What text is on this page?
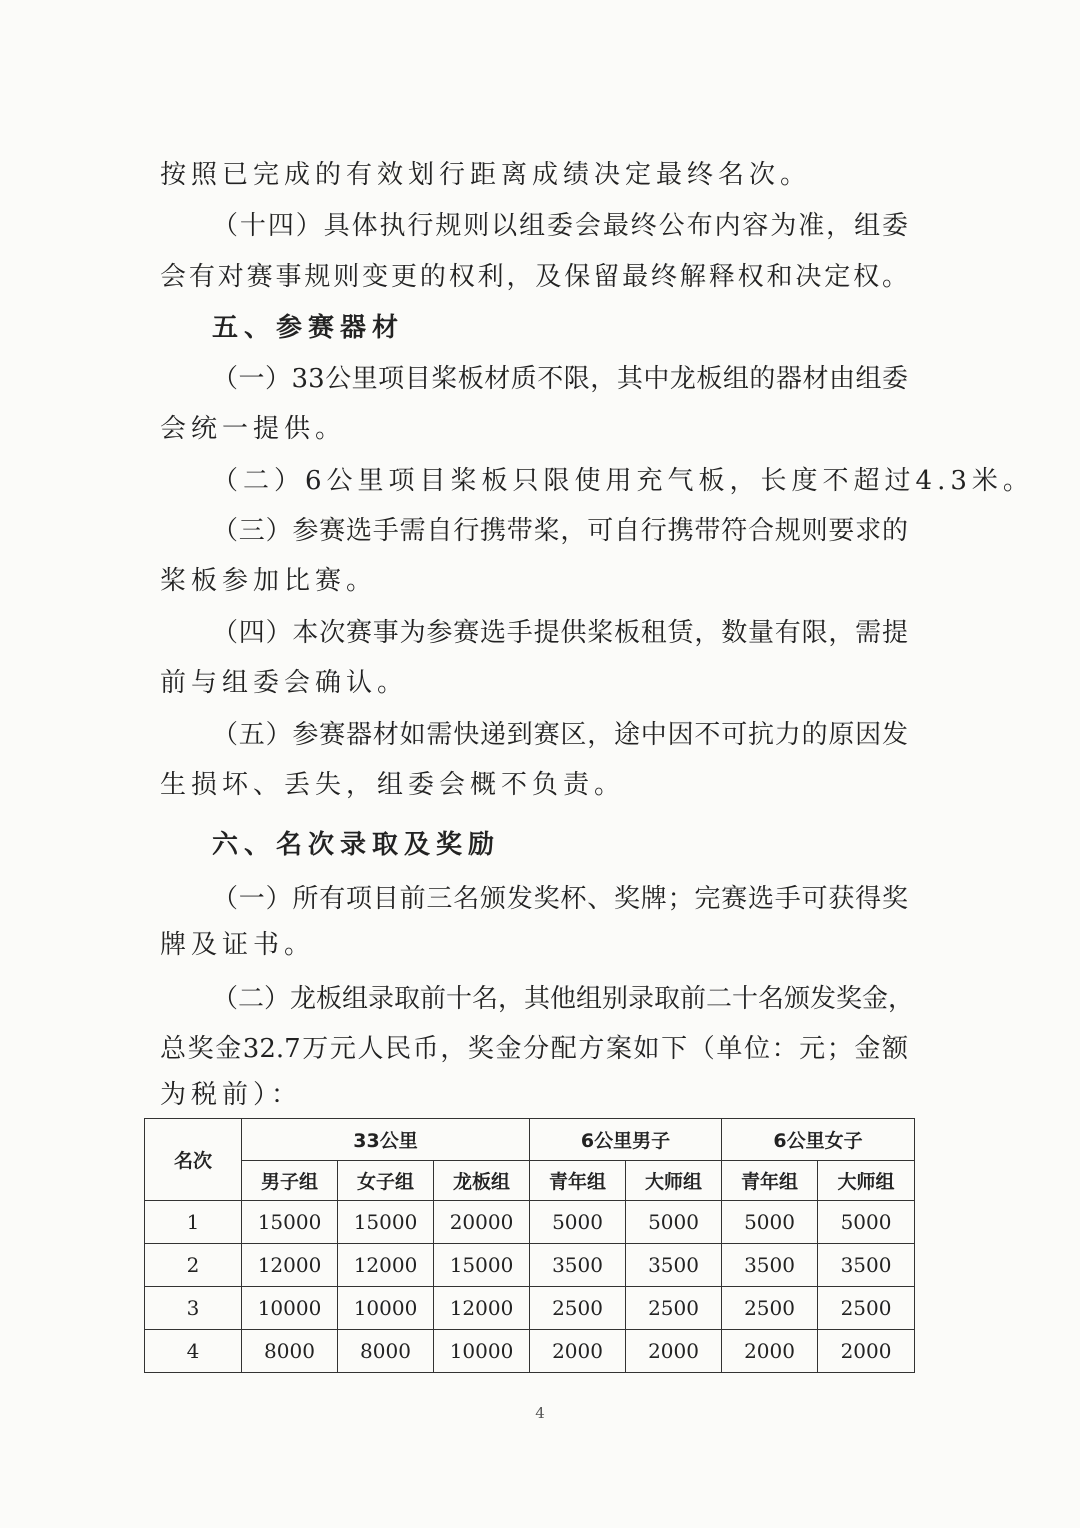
按照已完成的有效划行距离成绩决定最终名次。
（十四）具体执行规则以组委会最终公布内容为准，组委
会有对赛事规则变更的权利，及保留最终解释权和决定权。
五、参赛器材
（一）33公里项目桨板材质不限，其中龙板组的器材由组委
会统一提供。
（二）6公里项目桨板只限使用充气板，长度不超过4.3米。
（三）参赛选手需自行携带桨，可自行携带符合规则要求的
桨板参加比赛。
（四）本次赛事为参赛选手提供桨板租赁，数量有限，需提
前与组委会确认。
（五）参赛器材如需快递到赛区，途中因不可抗力的原因发
生损坏、丢失，组委会概不负责。
六、名次录取及奖励
（一）所有项目前三名颁发奖杯、奖牌；完赛选手可获得奖
牌及证书。
（二）龙板组录取前十名，其他组别录取前二十名颁发奖金，
总奖金32.7万元人民币，奖金分配方案如下（单位：元；金额
为税前）：
名次	33公里			6公里男子		6公里女子	
	男子组	女子组	龙板组	青年组	大师组	青年组	大师组
1	15000	15000	20000	5000	5000	5000	5000
2	12000	12000	15000	3500	3500	3500	3500
3	10000	10000	12000	2500	2500	2500	2500
4	8000	8000	10000	2000	2000	2000	2000
4
